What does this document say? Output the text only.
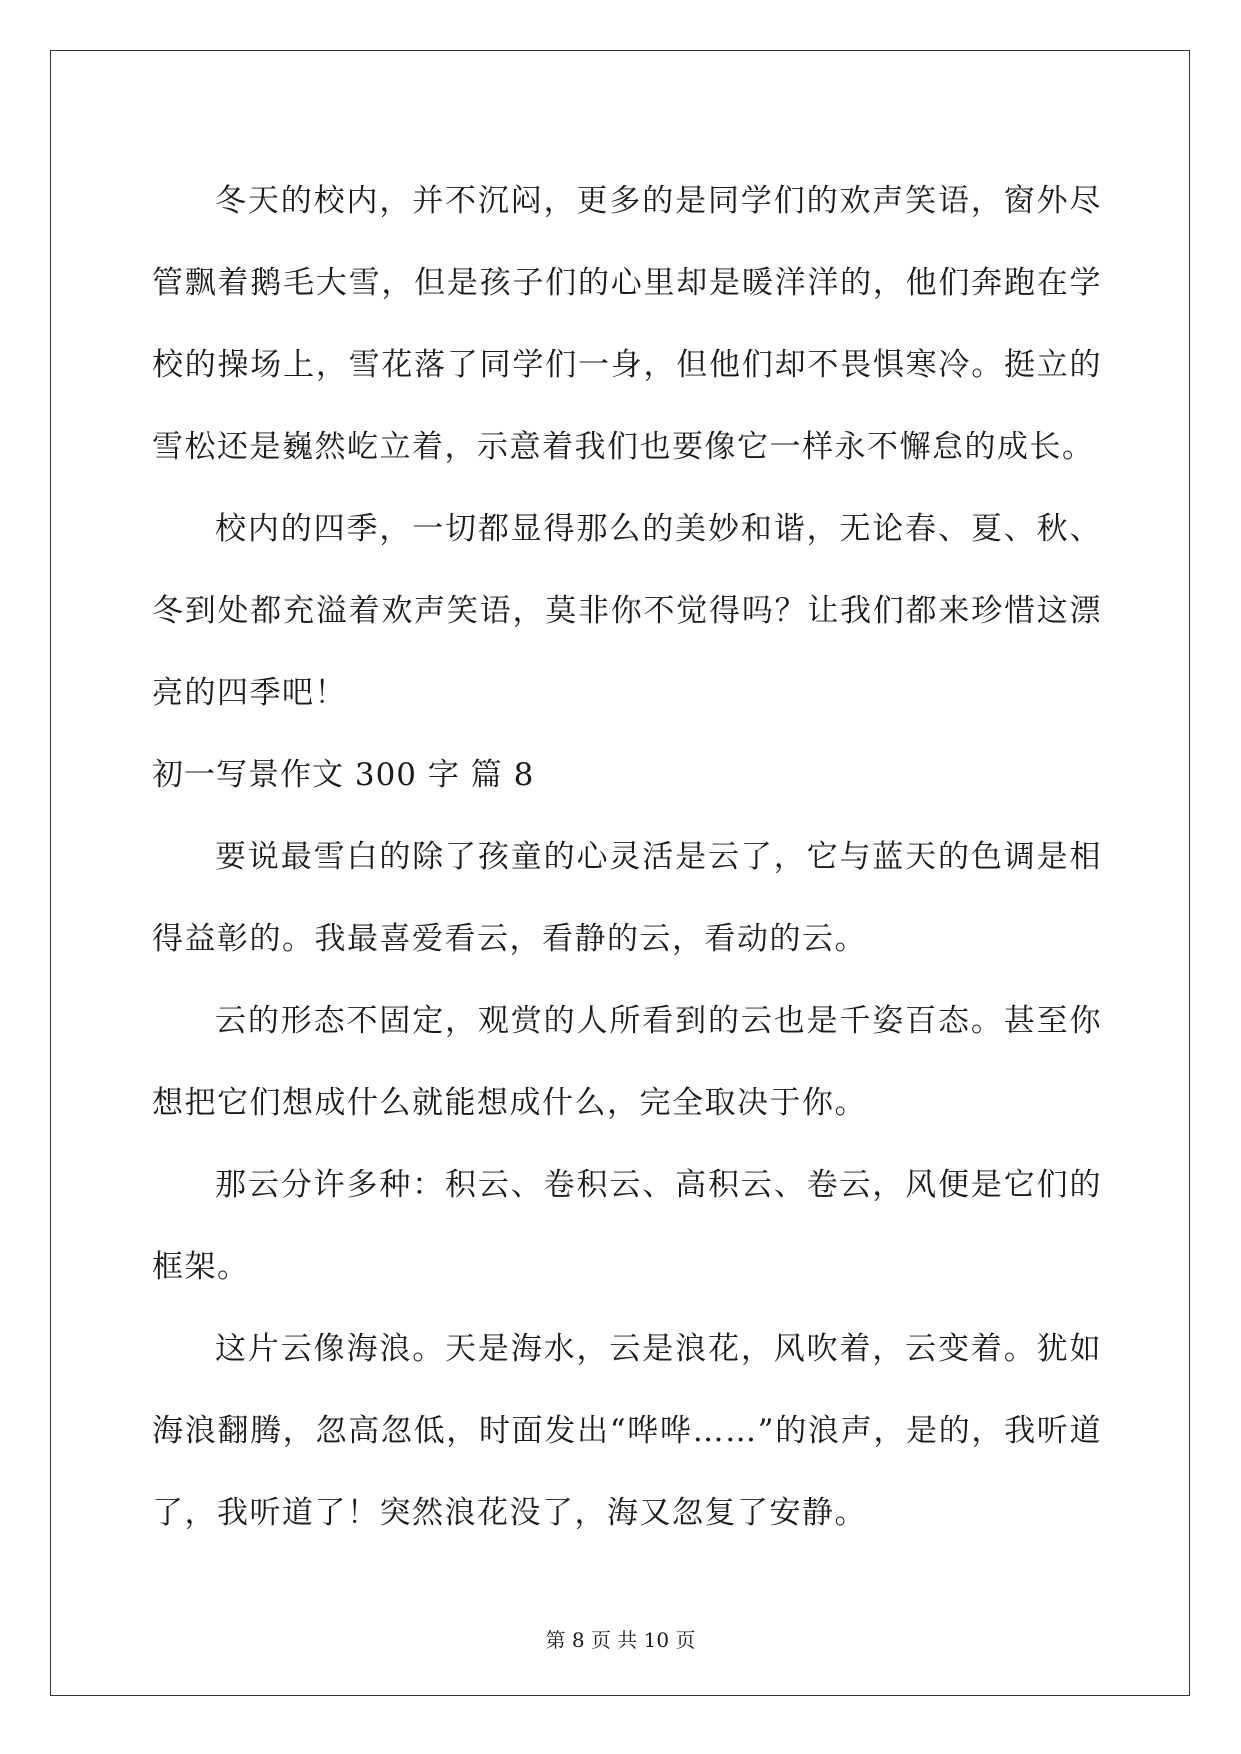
冬天的校内，并不沉闷，更多的是同学们的欢声笑语，窗外尽管飘着鹅毛大雪，但是孩子们的心里却是暖洋洋的，他们奔跑在学校的操场上，雪花落了同学们一身，但他们却不畏惧寒冷。挺立的雪松还是巍然屹立着，示意着我们也要像它一样永不懈怠的成长。

校内的四季，一切都显得那么的美妙和谐，无论春、夏、秋、冬到处都充溢着欢声笑语，莫非你不觉得吗？让我们都来珍惜这漂亮的四季吧！

初一写景作文 300 字 篇 8

要说最雪白的除了孩童的心灵活是云了，它与蓝天的色调是相得益彰的。我最喜爱看云，看静的云，看动的云。

云的形态不固定，观赏的人所看到的云也是千姿百态。甚至你想把它们想成什么就能想成什么，完全取决于你。

那云分许多种：积云、卷积云、高积云、卷云，风便是它们的框架。

这片云像海浪。天是海水，云是浪花，风吹着，云变着。犹如海浪翻腾，忽高忽低，时面发出“哗哗……”的浪声，是的，我听道了，我听道了！突然浪花没了，海又忽复了安静。

第 8 页 共 10 页
